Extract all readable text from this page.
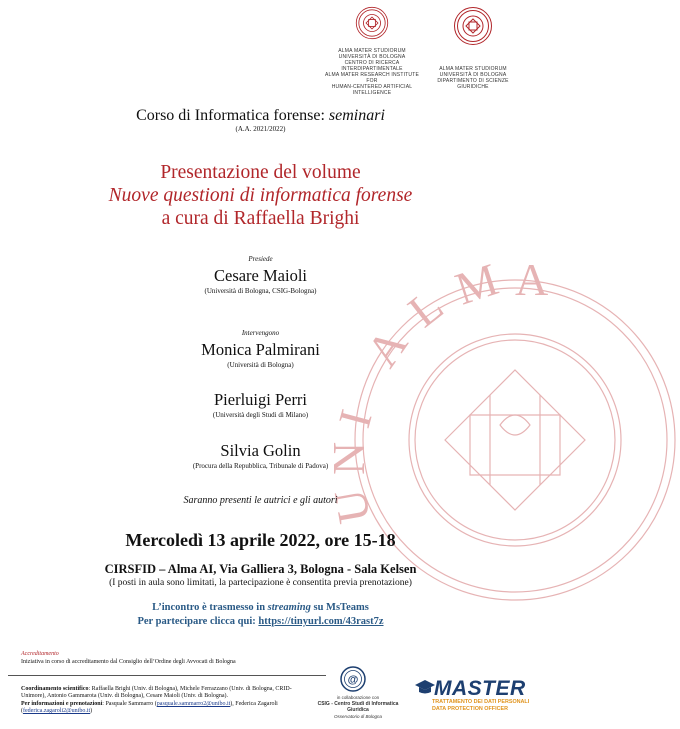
A
L
M A
U
N
I
ALMA MATER STUDIORUM
UNIVERSITÀ DI BOLOGNA
CENTRO DI RICERCA INTERDIPARTIMENTALE
ALMA MATER RESEARCH INSTITUTE FOR
HUMAN-CENTERED ARTIFICIAL INTELLIGENCE
ALMA MATER STUDIORUM
UNIVERSITÀ DI BOLOGNA
DIPARTIMENTO DI SCIENZE GIURIDICHE
Corso di Informatica forense: seminari
(A.A. 2021/2022)
Presentazione del volume
Nuove questioni di informatica forense
a cura di Raffaella Brighi
Presiede
Cesare Maioli
(Università di Bologna, CSIG-Bologna)
Intervengono
Monica Palmirani
(Università di Bologna)
Pierluigi Perri
(Università degli Studi di Milano)
Silvia Golin
(Procura della Repubblica, Tribunale di Padova)
Saranno presenti le autrici e gli autori
Mercoledì 13 aprile 2022, ore 15-18
CIRSFID – Alma AI, Via Galliera 3, Bologna - Sala Kelsen
(I posti in aula sono limitati, la partecipazione è consentita previa prenotazione)
L’incontro è trasmesso in streaming su MsTeams
Per partecipare clicca qui: https://tinyurl.com/43rast7z
Accreditamento
Iniziativa in corso di accreditamento dal Consiglio dell’Ordine degli Avvocati di Bologna
Coordinamento scientifico: Raffaella Brighi (Univ. di Bologna), Michele Ferrazzano (Univ. di Bologna, CRID-Unimore), Antonio Gammarota (Univ. di Bologna), Cesare Maioli (Univ. di Bologna).
Per informazioni e prenotazioni: Pasquale Sammarro (pasquale.sammarro2@unibo.it), Federica Zagaroli (federica.zagaroli2@unibo.it)
@
in collaborazione con
CSIG - Centro Studi di Informatica Giuridica
Osservatorio di Bologna
MASTER
TRATTAMENTO DEI DATI PERSONALI
DATA PROTECTION OFFICER
